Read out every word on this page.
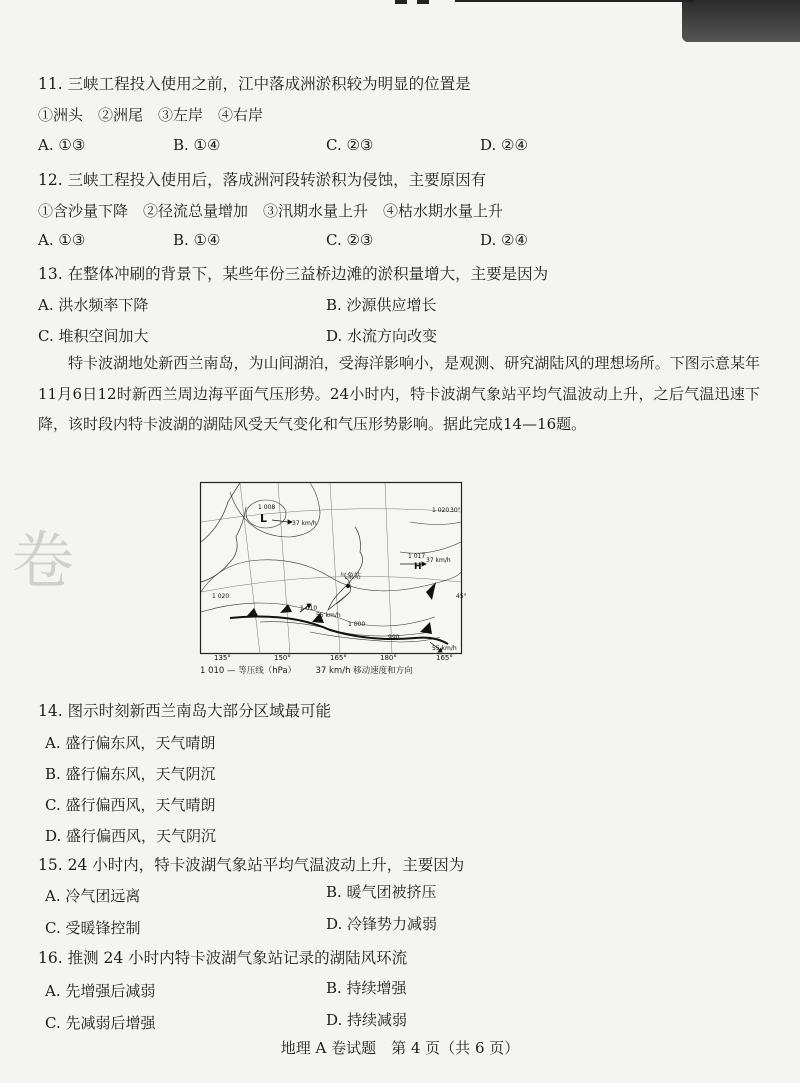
11. 三峡工程投入使用之前，江中落成洲淤积较为明显的位置是
①洲头　②洲尾　③左岸　④右岸
A. ①③	B. ①④	C. ②③	D. ②④
12. 三峡工程投入使用后，落成洲河段转淤积为侵蚀，主要原因有
①含沙量下降　②径流总量增加　③汛期水量上升　④枯水期水量上升
A. ①③	B. ①④	C. ②③	D. ②④
13. 在整体冲刷的背景下，某些年份三益桥边滩的淤积量增大，主要是因为
A. 洪水频率下降	B. 沙源供应增长
C. 堆积空间加大	D. 水流方向改变
特卡波湖地处新西兰南岛，为山间湖泊，受海洋影响小，是观测、研究湖陆风的理想场所。下图示意某年11月6日12时新西兰周边海平面气压形势。24小时内，特卡波湖气象站平均气温波动上升，之后气温迅速下降，该时段内特卡波湖的湖陆风受天气变化和气压形势影响。据此完成14—16题。
卷
1 008
L	37 km/h
1 020 30°
1 017
H
37 km/h
气象站
1 020	45°
1 010
55 km/h
1 000
990
55 km/h
135°	150°	165°	180°	165°
1 010 — 等压线（hPa） 37 km/h 移动速度和方向
14. 图示时刻新西兰南岛大部分区域最可能
A. 盛行偏东风，天气晴朗
B. 盛行偏东风，天气阴沉
C. 盛行偏西风，天气晴朗
D. 盛行偏西风，天气阴沉
15. 24 小时内，特卡波湖气象站平均气温波动上升，主要因为
A. 冷气团远离	B. 暖气团被挤压
C. 受暖锋控制	D. 冷锋势力减弱
16. 推测 24 小时内特卡波湖气象站记录的湖陆风环流
A. 先增强后减弱	B. 持续增强
C. 先减弱后增强	D. 持续减弱
地理 A 卷试题　第 4 页（共 6 页）
